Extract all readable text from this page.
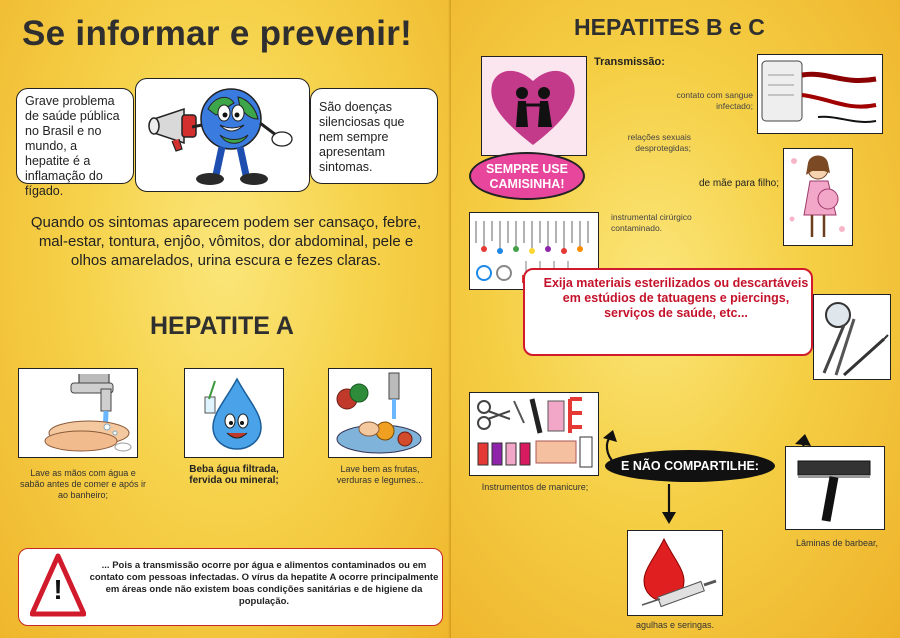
Se informar e prevenir!
Grave problema de saúde pública no Brasil e no mundo, a hepatite é a inflamação do fígado.
São doenças silenciosas que nem sempre apresentam sintomas.
Quando os sintomas aparecem podem ser cansaço, febre, mal-estar, tontura, enjôo, vômitos, dor abdominal, pele e olhos amarelados, urina escura e fezes claras.
HEPATITE A
Lave as mãos com água e sabão antes de comer e após ir ao banheiro;
Beba água filtrada, fervida ou mineral;
Lave bem as frutas, verduras e legumes...
!
... Pois a transmissão ocorre por água e alimentos contaminados ou em contato com pessoas infectadas. O vírus da hepatite A ocorre principalmente em áreas onde não existem boas condições sanitárias e de higiene da população.
HEPATITES B e C
Transmissão:
contato com sangue infectado;
relações sexuais desprotegidas;
SEMPRE USE CAMISINHA!	de mãe para filho;
instrumental cirúrgico contaminado.
Exija materiais esterilizados ou descartáveis em estúdios de tatuagens e piercings, serviços de saúde, etc...
Instrumentos de manicure;
E NÃO COMPARTILHE:
Lâminas de barbear,
agulhas e seringas.
